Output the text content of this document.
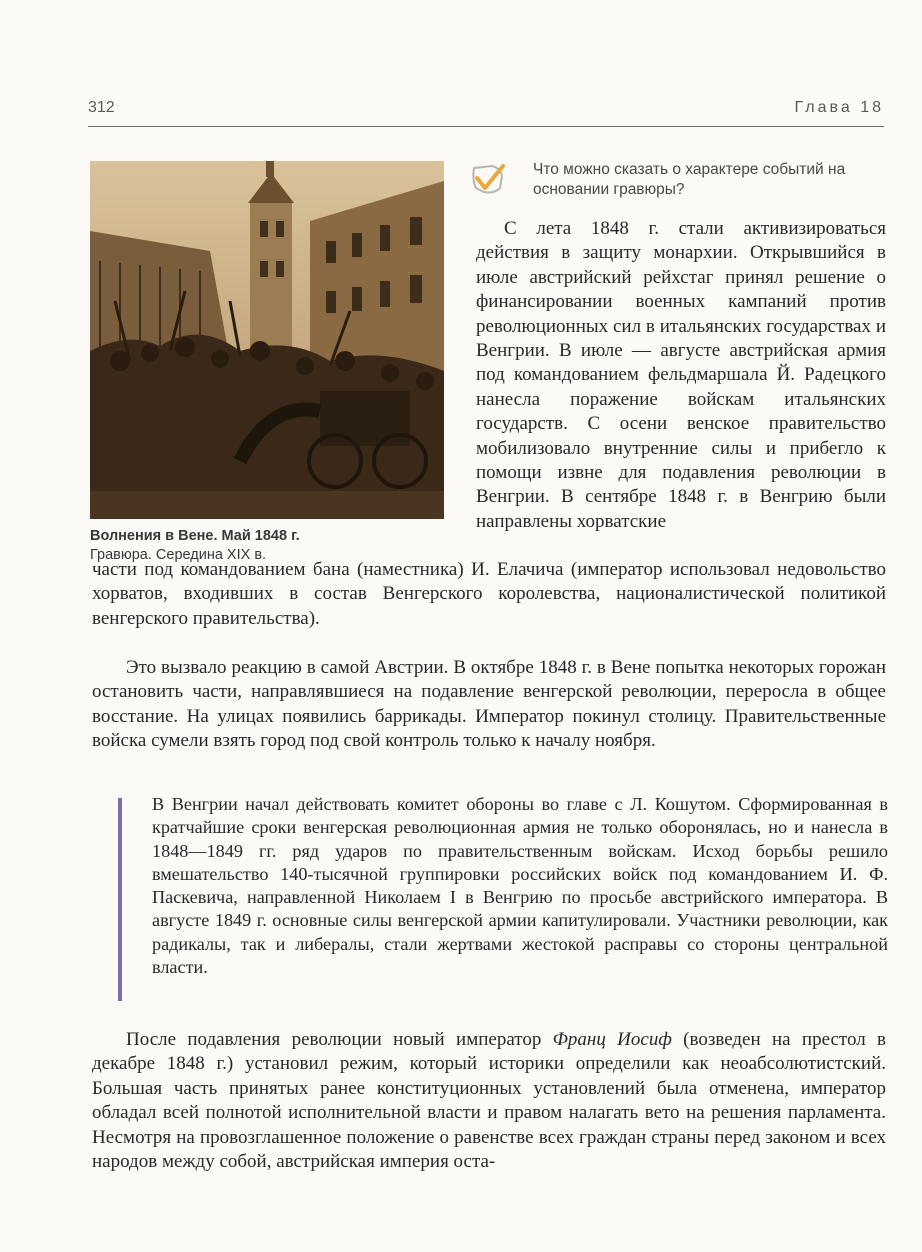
312	Глава 18
Волнения в Вене. Май 1848 г.
Гравюра. Середина XIX в.
Что можно сказать о характере событий на основании гравюры?

С лета 1848 г. стали активизироваться действия в защиту монархии. Открывшийся в июле австрийский рейхстаг принял решение о финансировании военных кампаний против революционных сил в итальянских государствах и Венгрии. В июле — августе австрийская армия под командованием фельдмаршала Й. Радецкого нанесла поражение войскам итальянских государств. С осени венское правительство мобилизовало внутренние силы и прибегло к помощи извне для подавления революции в Венгрии. В сентябре 1848 г. в Венгрию были направлены хорватские

части под командованием бана (наместника) И. Елачича (император использовал недовольство хорватов, входивших в состав Венгерского королевства, националистической политикой венгерского правительства).

Это вызвало реакцию в самой Австрии. В октябре 1848 г. в Вене попытка некоторых горожан остановить части, направлявшиеся на подавление венгерской революции, переросла в общее восстание. На улицах появились баррикады. Император покинул столицу. Правительственные войска сумели взять город под свой контроль только к началу ноября.

В Венгрии начал действовать комитет обороны во главе с Л. Кошутом. Сформированная в кратчайшие сроки венгерская революционная армия не только оборонялась, но и нанесла в 1848—1849 гг. ряд ударов по правительственным войскам. Исход борьбы решило вмешательство 140-тысячной группировки российских войск под командованием И. Ф. Паскевича, направленной Николаем I в Венгрию по просьбе австрийского императора. В августе 1849 г. основные силы венгерской армии капитулировали. Участники революции, как радикалы, так и либералы, стали жертвами жестокой расправы со стороны центральной власти.

После подавления революции новый император Франц Иосиф (возведен на престол в декабре 1848 г.) установил режим, который историки определили как неоабсолютистский. Большая часть принятых ранее конституционных установлений была отменена, император обладал всей полнотой исполнительной власти и правом налагать вето на решения парламента. Несмотря на провозглашенное положение о равенстве всех граждан страны перед законом и всех народов между собой, австрийская империя оста-
